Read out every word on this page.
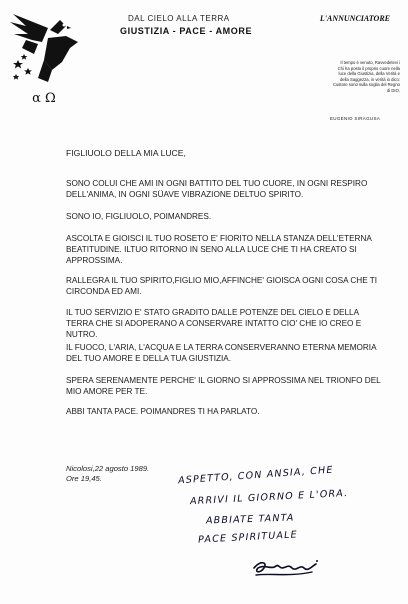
α Ω
DAL CIELO ALLA TERRA
GIUSTIZIA - PACE - AMORE
L'ANNUNCIATORE
Il tempo è venuto, Ravvedetevi i
Chi ha posto il proprio cuore nella
luce della Giustizia, della Verità e
della Saggezza, in verità io dico:
Custore sono sulla soglia del Regno
di DIO.
EUGENIO SIRAGUSA
FIGLIUOLO DELLA MIA LUCE,
SONO COLUI CHE AMI IN OGNI BATTITO DEL TUO CUORE, IN OGNI RESPIRO DELL'ANIMA, IN OGNI SÜAVE VIBRAZIONE DELTUO SPIRITO.
SONO IO, FIGLIUOLO, POIMANDRES.
ASCOLTA E GIOISCI IL TUO ROSETO E' FIORITO NELLA STANZA DELL'ETERNA BEATITUDINE. ILTUO RITORNO IN SENO ALLA LUCE CHE TI HA CREATO SI APPROSSIMA.
RALLEGRA IL TUO SPIRITO,FIGLIO MIO,AFFINCHE' GIOISCA OGNI COSA CHE TI CIRCONDA ED AMI.
IL TUO SERVIZIO E' STATO GRADITO DALLE POTENZE DEL CIELO E DELLA TERRA CHE SI ADOPERANO A CONSERVARE INTATTO CIO' CHE IO CREO E NUTRO.
IL FUOCO, L'ARIA, L'ACQUA E LA TERRA CONSERVERANNO ETERNA MEMORIA DEL TUO AMORE E DELLA TUA GIUSTIZIA.
SPERA SERENAMENTE PERCHE' IL GIORNO SI APPROSSIMA NEL TRIONFO DEL MIO AMORE PER TE.
ABBI TANTA PACE. POIMANDRES TI HA PARLATO.
Nicolosi,22 agosto 1989.
Ore 19,45.	ASPETTO, CON ANSIA, CHE
ARRIVI IL GIORNO E L'ORA.
ABBIATE TANTA
PACE SPIRITUALE
